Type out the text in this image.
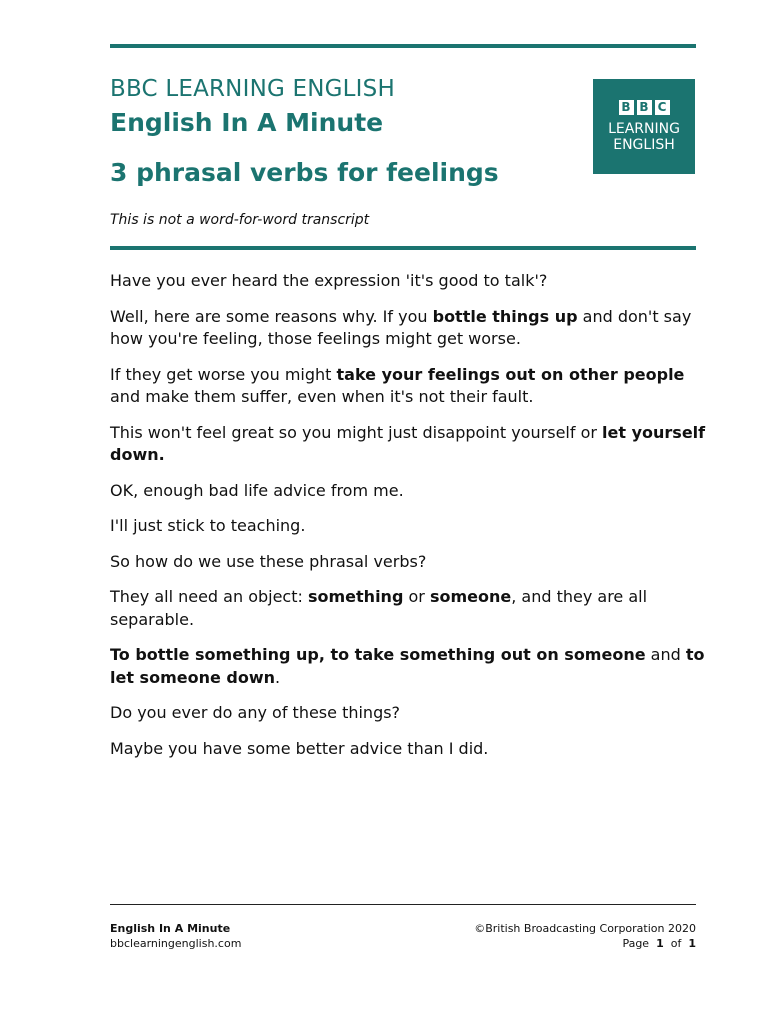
BBC LEARNING ENGLISH
English In A Minute
3 phrasal verbs for feelings
This is not a word-for-word transcript
B B C
LEARNING
ENGLISH

Have you ever heard the expression 'it's good to talk'?

Well, here are some reasons why. If you bottle things up and don't say how you're feeling, those feelings might get worse.

If they get worse you might take your feelings out on other people and make them suffer, even when it's not their fault.

This won't feel great so you might just disappoint yourself or let yourself down.

OK, enough bad life advice from me.

I'll just stick to teaching.

So how do we use these phrasal verbs?

They all need an object: something or someone, and they are all separable.

To bottle something up, to take something out on someone and to let someone down.

Do you ever do any of these things?

Maybe you have some better advice than I did.

English In A Minute
bbclearningenglish.com
©British Broadcasting Corporation 2020
Page 1 of 1
